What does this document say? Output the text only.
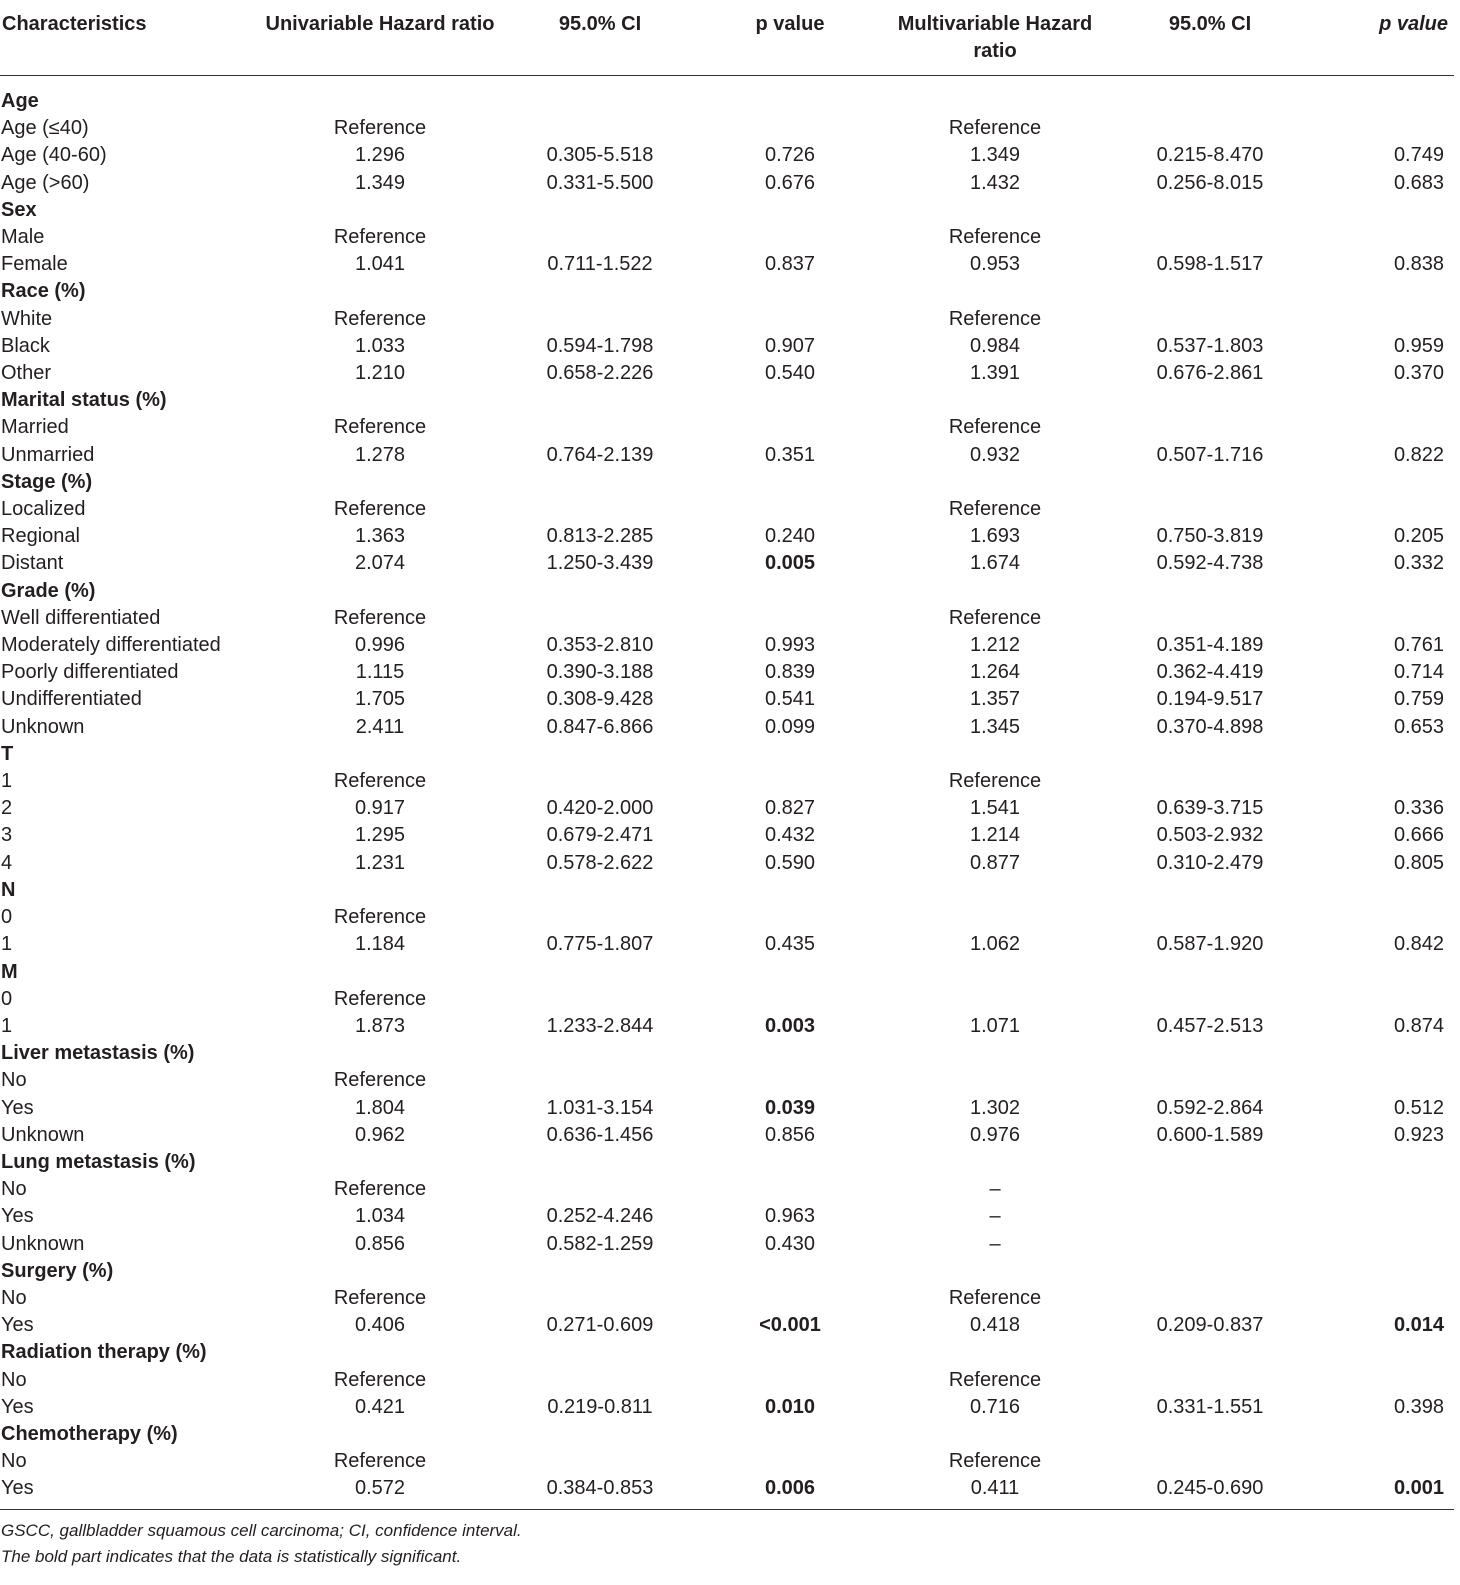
Characteristics	Univariable Hazard ratio	95.0% CI	p value	Multivariable Hazard ratio	95.0% CI	p value
Age						
Age (≤40)	Reference			Reference		
Age (40-60)	1.296	0.305-5.518	0.726	1.349	0.215-8.470	0.749
Age (>60)	1.349	0.331-5.500	0.676	1.432	0.256-8.015	0.683
Sex						
Male	Reference			Reference		
Female	1.041	0.711-1.522	0.837	0.953	0.598-1.517	0.838
Race (%)						
White	Reference			Reference		
Black	1.033	0.594-1.798	0.907	0.984	0.537-1.803	0.959
Other	1.210	0.658-2.226	0.540	1.391	0.676-2.861	0.370
Marital status (%)						
Married	Reference			Reference		
Unmarried	1.278	0.764-2.139	0.351	0.932	0.507-1.716	0.822
Stage (%)						
Localized	Reference			Reference		
Regional	1.363	0.813-2.285	0.240	1.693	0.750-3.819	0.205
Distant	2.074	1.250-3.439	0.005	1.674	0.592-4.738	0.332
Grade (%)						
Well differentiated	Reference			Reference		
Moderately differentiated	0.996	0.353-2.810	0.993	1.212	0.351-4.189	0.761
Poorly differentiated	1.115	0.390-3.188	0.839	1.264	0.362-4.419	0.714
Undifferentiated	1.705	0.308-9.428	0.541	1.357	0.194-9.517	0.759
Unknown	2.411	0.847-6.866	0.099	1.345	0.370-4.898	0.653
T						
1	Reference			Reference		
2	0.917	0.420-2.000	0.827	1.541	0.639-3.715	0.336
3	1.295	0.679-2.471	0.432	1.214	0.503-2.932	0.666
4	1.231	0.578-2.622	0.590	0.877	0.310-2.479	0.805
N						
0	Reference					
1	1.184	0.775-1.807	0.435	1.062	0.587-1.920	0.842
M						
0	Reference					
1	1.873	1.233-2.844	0.003	1.071	0.457-2.513	0.874
Liver metastasis (%)						
No	Reference					
Yes	1.804	1.031-3.154	0.039	1.302	0.592-2.864	0.512
Unknown	0.962	0.636-1.456	0.856	0.976	0.600-1.589	0.923
Lung metastasis (%)						
No	Reference			–		
Yes	1.034	0.252-4.246	0.963	–		
Unknown	0.856	0.582-1.259	0.430	–		
Surgery (%)						
No	Reference			Reference		
Yes	0.406	0.271-0.609	<0.001	0.418	0.209-0.837	0.014
Radiation therapy (%)						
No	Reference			Reference		
Yes	0.421	0.219-0.811	0.010	0.716	0.331-1.551	0.398
Chemotherapy (%)						
No	Reference			Reference		
Yes	0.572	0.384-0.853	0.006	0.411	0.245-0.690	0.001
GSCC, gallbladder squamous cell carcinoma; CI, confidence interval.
The bold part indicates that the data is statistically significant.
